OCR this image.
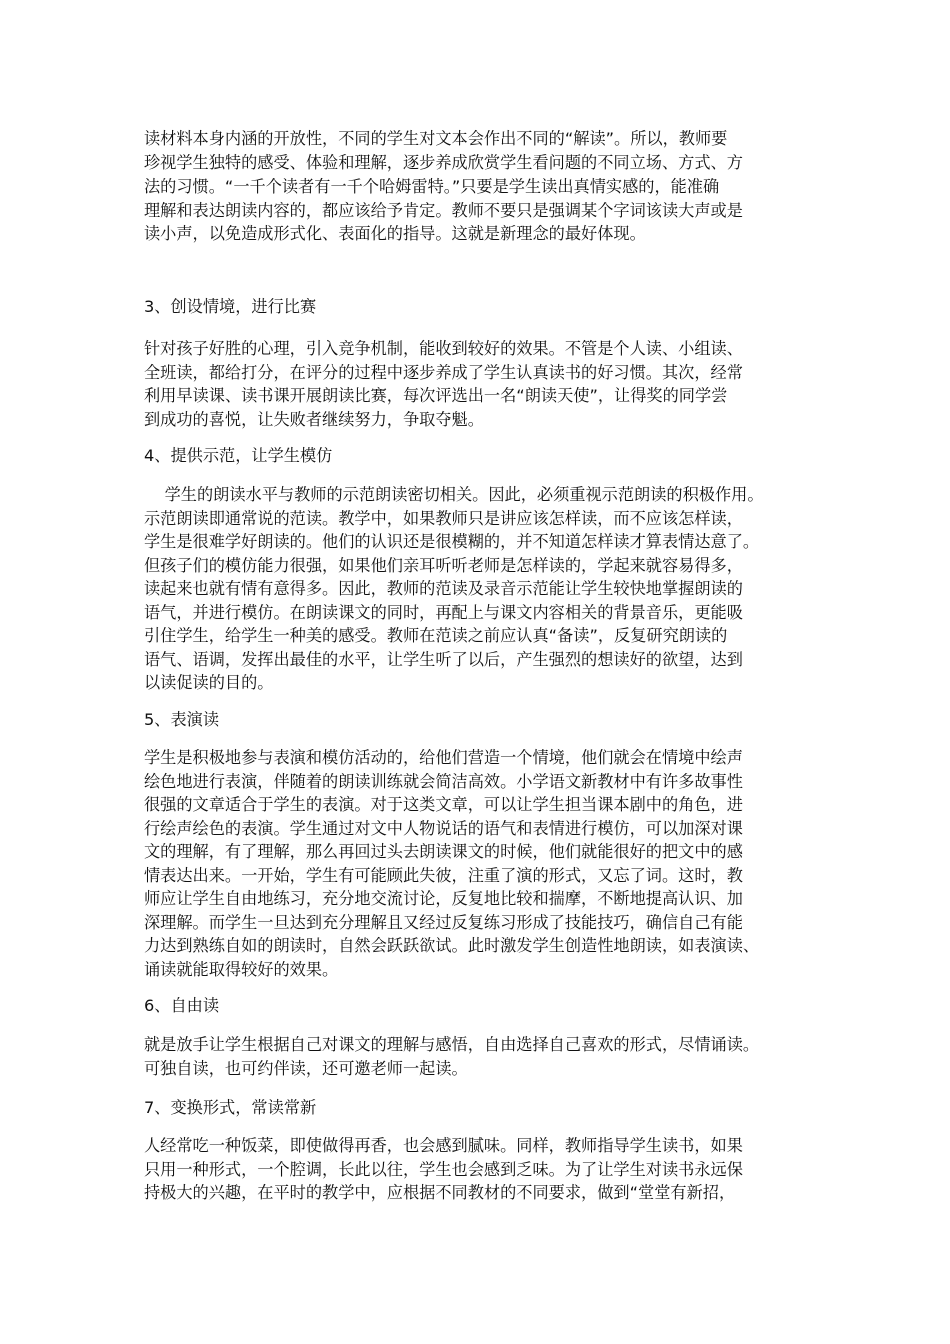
读材料本身内涵的开放性，不同的学生对文本会作出不同的“解读”。所以，教师要
珍视学生独特的感受、体验和理解，逐步养成欣赏学生看问题的不同立场、方式、方
法的习惯。“一千个读者有一千个哈姆雷特。”只要是学生读出真情实感的，能准确
理解和表达朗读内容的，都应该给予肯定。教师不要只是强调某个字词该读大声或是
读小声，以免造成形式化、表面化的指导。这就是新理念的最好体现。
3、创设情境，进行比赛
针对孩子好胜的心理，引入竞争机制，能收到较好的效果。不管是个人读、小组读、
全班读，都给打分，在评分的过程中逐步养成了学生认真读书的好习惯。其次，经常
利用早读课、读书课开展朗读比赛，每次评选出一名“朗读天使”，让得奖的同学尝
到成功的喜悦，让失败者继续努力，争取夺魁。
4、提供示范，让学生模仿
学生的朗读水平与教师的示范朗读密切相关。因此，必须重视示范朗读的积极作用。
示范朗读即通常说的范读。教学中，如果教师只是讲应该怎样读，而不应该怎样读，
学生是很难学好朗读的。他们的认识还是很模糊的，并不知道怎样读才算表情达意了。
但孩子们的模仿能力很强，如果他们亲耳听听老师是怎样读的，学起来就容易得多，
读起来也就有情有意得多。因此，教师的范读及录音示范能让学生较快地掌握朗读的
语气，并进行模仿。在朗读课文的同时，再配上与课文内容相关的背景音乐，更能吸
引住学生，给学生一种美的感受。教师在范读之前应认真“备读”，反复研究朗读的
语气、语调，发挥出最佳的水平，让学生听了以后，产生强烈的想读好的欲望，达到
以读促读的目的。
5、表演读
学生是积极地参与表演和模仿活动的，给他们营造一个情境，他们就会在情境中绘声
绘色地进行表演，伴随着的朗读训练就会简洁高效。小学语文新教材中有许多故事性
很强的文章适合于学生的表演。对于这类文章，可以让学生担当课本剧中的角色，进
行绘声绘色的表演。学生通过对文中人物说话的语气和表情进行模仿，可以加深对课
文的理解，有了理解，那么再回过头去朗读课文的时候，他们就能很好的把文中的感
情表达出来。一开始，学生有可能顾此失彼，注重了演的形式，又忘了词。这时，教
师应让学生自由地练习，充分地交流讨论，反复地比较和揣摩，不断地提高认识、加
深理解。而学生一旦达到充分理解且又经过反复练习形成了技能技巧，确信自己有能
力达到熟练自如的朗读时，自然会跃跃欲试。此时激发学生创造性地朗读，如表演读、
诵读就能取得较好的效果。
6、自由读
就是放手让学生根据自己对课文的理解与感悟，自由选择自己喜欢的形式，尽情诵读。
可独自读，也可约伴读，还可邀老师一起读。
7、变换形式，常读常新
人经常吃一种饭菜，即使做得再香，也会感到腻味。同样，教师指导学生读书，如果
只用一种形式，一个腔调，长此以往，学生也会感到乏味。为了让学生对读书永远保
持极大的兴趣，在平时的教学中，应根据不同教材的不同要求，做到“堂堂有新招，
